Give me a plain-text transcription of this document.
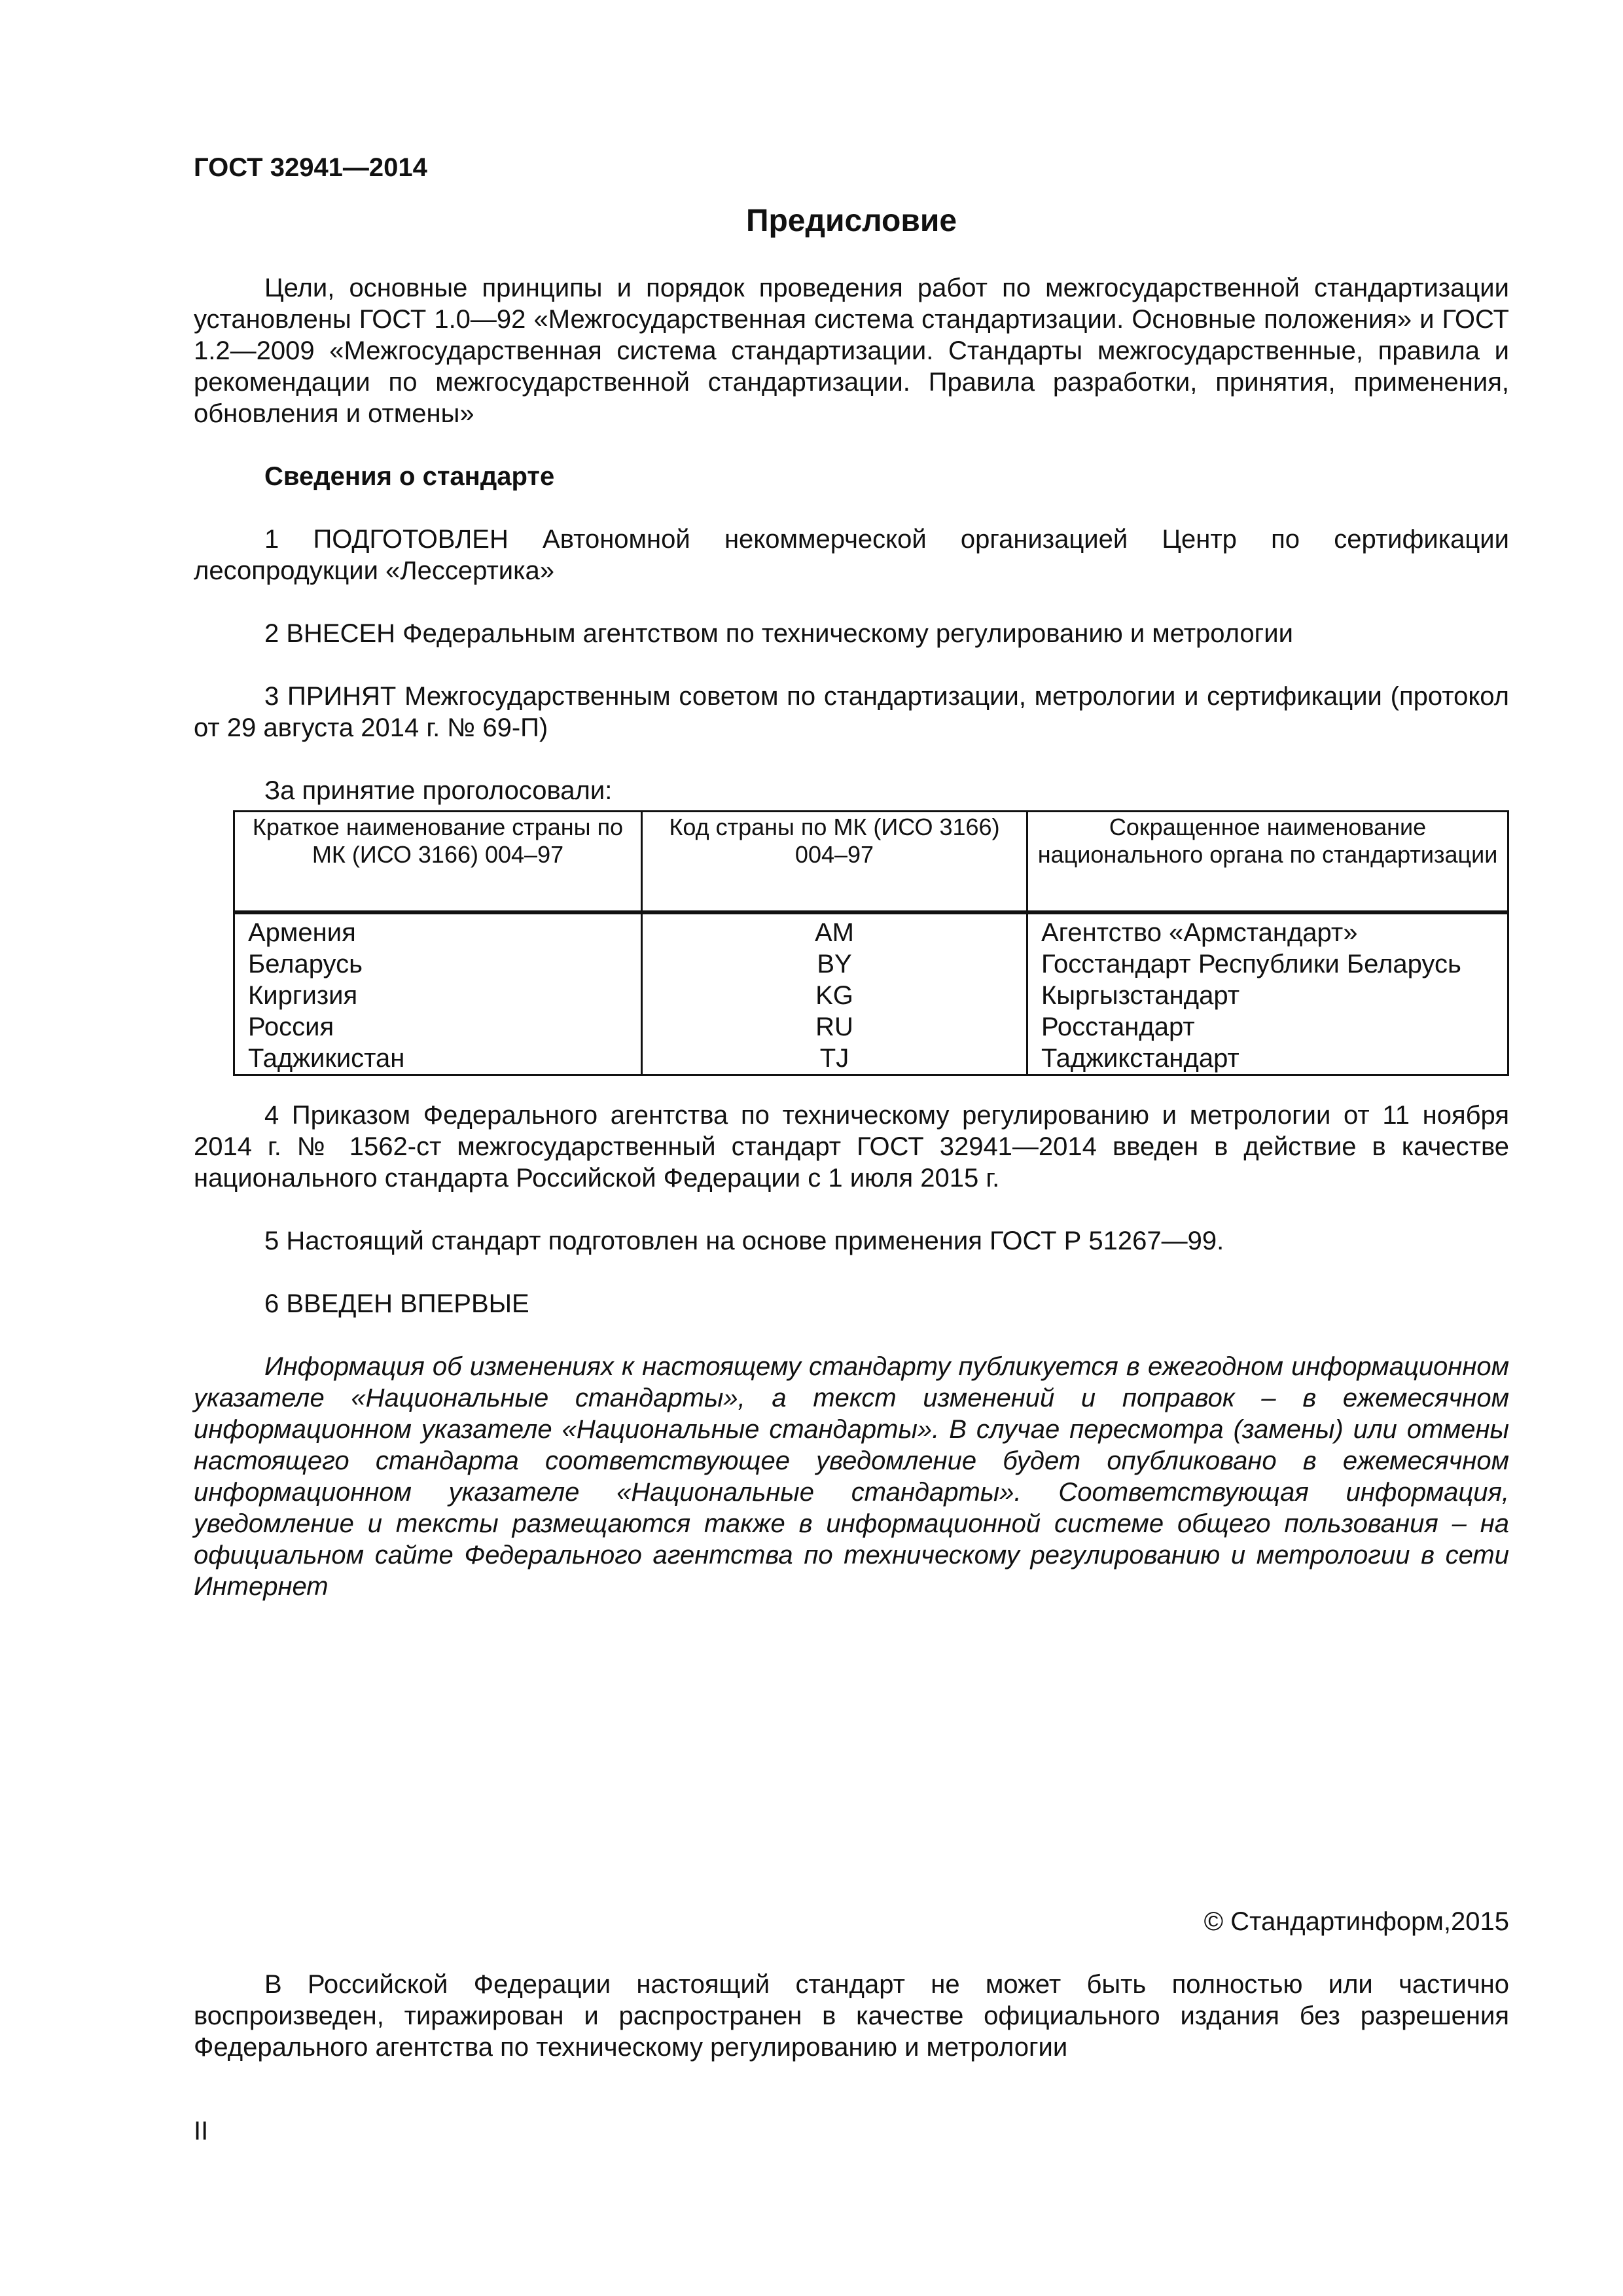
ГОСТ 32941—2014
Предисловие

Цели, основные принципы и порядок проведения работ по межгосударственной стандартизации установлены ГОСТ 1.0—92 «Межгосударственная система стандартизации. Основные положения» и ГОСТ 1.2—2009 «Межгосударственная система стандартизации. Стандарты межгосударственные, правила и рекомендации по межгосударственной стандартизации. Правила разработки, принятия, применения, обновления и отмены»

Сведения о стандарте

1 ПОДГОТОВЛЕН Автономной некоммерческой организацией Центр по сертификации лесопродукции «Лессертика»

2 ВНЕСЕН Федеральным агентством по техническому регулированию и метрологии

3 ПРИНЯТ Межгосударственным советом по стандартизации, метрологии и сертификации (протокол от 29 августа 2014 г. № 69-П)

За принятие проголосовали:

Краткое наименование страны по МК (ИСО 3166) 004–97	Код страны по МК (ИСО 3166) 004–97	Сокращенное наименование национального органа по стандартизации

Армения	AM	Агентство «Армстандарт»
Беларусь	BY	Госстандарт Республики Беларусь
Киргизия	KG	Кыргызстандарт
Россия	RU	Росстандарт
Таджикистан	TJ	Таджикстандарт

4 Приказом Федерального агентства по техническому регулированию и метрологии от 11 ноября 2014 г. № 1562-ст межгосударственный стандарт ГОСТ 32941—2014 введен в действие в качестве национального стандарта Российской Федерации с 1 июля 2015 г.

5 Настоящий стандарт подготовлен на основе применения ГОСТ Р 51267—99.

6 ВВЕДЕН ВПЕРВЫЕ

Информация об изменениях к настоящему стандарту публикуется в ежегодном информационном указателе «Национальные стандарты», а текст изменений и поправок – в ежемесячном информационном указателе «Национальные стандарты». В случае пересмотра (замены) или отмены настоящего стандарта соответствующее уведомление будет опубликовано в ежемесячном информационном указателе «Национальные стандарты». Соответствующая информация, уведомление и тексты размещаются также в информационной системе общего пользования – на официальном сайте Федерального агентства по техническому регулированию и метрологии в сети Интернет

© Стандартинформ,2015

В Российской Федерации настоящий стандарт не может быть полностью или частично воспроизведен, тиражирован и распространен в качестве официального издания без разрешения Федерального агентства по техническому регулированию и метрологии

II
